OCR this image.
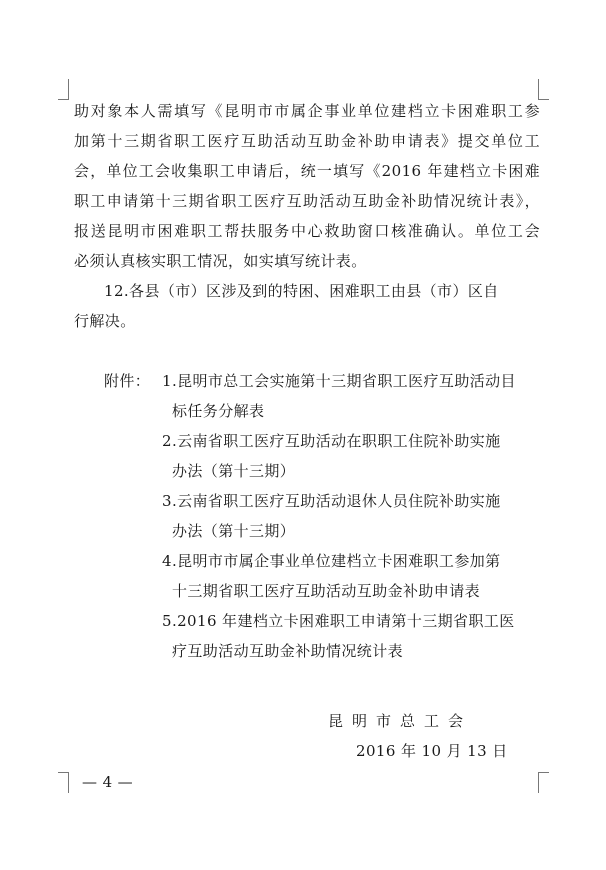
助对象本人需填写《昆明市市属企事业单位建档立卡困难职工参
加第十三期省职工医疗互助活动互助金补助申请表》提交单位工
会，单位工会收集职工申请后，统一填写《2016 年建档立卡困难
职工申请第十三期省职工医疗互助活动互助金补助情况统计表》，
报送昆明市困难职工帮扶服务中心救助窗口核准确认。单位工会
必须认真核实职工情况，如实填写统计表。
12.各县（市）区涉及到的特困、困难职工由县（市）区自
行解决。
附件： 1.昆明市总工会实施第十三期省职工医疗互助活动目
标任务分解表
2.云南省职工医疗互助活动在职职工住院补助实施
办法（第十三期）
3.云南省职工医疗互助活动退休人员住院补助实施
办法（第十三期）
4.昆明市市属企事业单位建档立卡困难职工参加第
十三期省职工医疗互助活动互助金补助申请表
5.2016 年建档立卡困难职工申请第十三期省职工医
疗互助活动互助金补助情况统计表
昆明市总工会
2016 年 10 月 13 日
— 4 —
